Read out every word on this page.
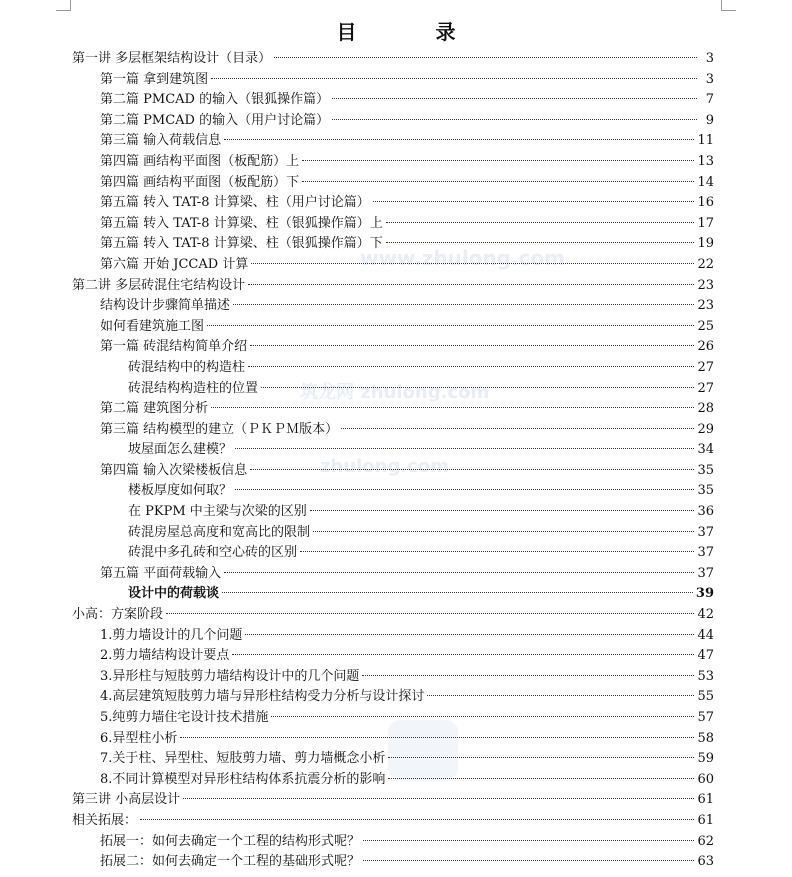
www.zhulong.com
筑龙网 zhulong.com
zhulong.com
目 录
第一讲 多层框架结构设计（目录）	3
第一篇 拿到建筑图	3
第二篇 PMCAD 的输入（银狐操作篇）	7
第二篇 PMCAD 的输入（用户讨论篇）	9
第三篇 输入荷载信息	11
第四篇 画结构平面图（板配筋）上	13
第四篇 画结构平面图（板配筋）下	14
第五篇 转入 TAT-8 计算梁、柱（用户讨论篇）	16
第五篇 转入 TAT-8 计算梁、柱（银狐操作篇）上	17
第五篇 转入 TAT-8 计算梁、柱（银狐操作篇）下	19
第六篇 开始 JCCAD 计算	22
第二讲 多层砖混住宅结构设计	23
结构设计步骤简单描述	23
如何看建筑施工图	25
第一篇 砖混结构简单介绍	26
砖混结构中的构造柱	27
砖混结构构造柱的位置	27
第二篇 建筑图分析	28
第三篇 结构模型的建立（ＰＫＰＭ版本）	29
坡屋面怎么建模？	34
第四篇 输入次梁楼板信息	35
楼板厚度如何取？	35
在 PKPM 中主梁与次梁的区别	36
砖混房屋总高度和宽高比的限制	37
砖混中多孔砖和空心砖的区别	37
第五篇 平面荷载输入	37
设计中的荷载谈	39
小高：方案阶段	42
1.剪力墙设计的几个问题	44
2.剪力墙结构设计要点	47
3.异形柱与短肢剪力墙结构设计中的几个问题	53
4.高层建筑短肢剪力墙与异形柱结构受力分析与设计探讨	55
5.纯剪力墙住宅设计技术措施	57
6.异型柱小析	58
7.关于柱、异型柱、短肢剪力墙、剪力墙概念小析	59
8.不同计算模型对异形柱结构体系抗震分析的影响	60
第三讲 小高层设计	61
相关拓展：	61
拓展一：如何去确定一个工程的结构形式呢？	62
拓展二：如何去确定一个工程的基础形式呢？	63
